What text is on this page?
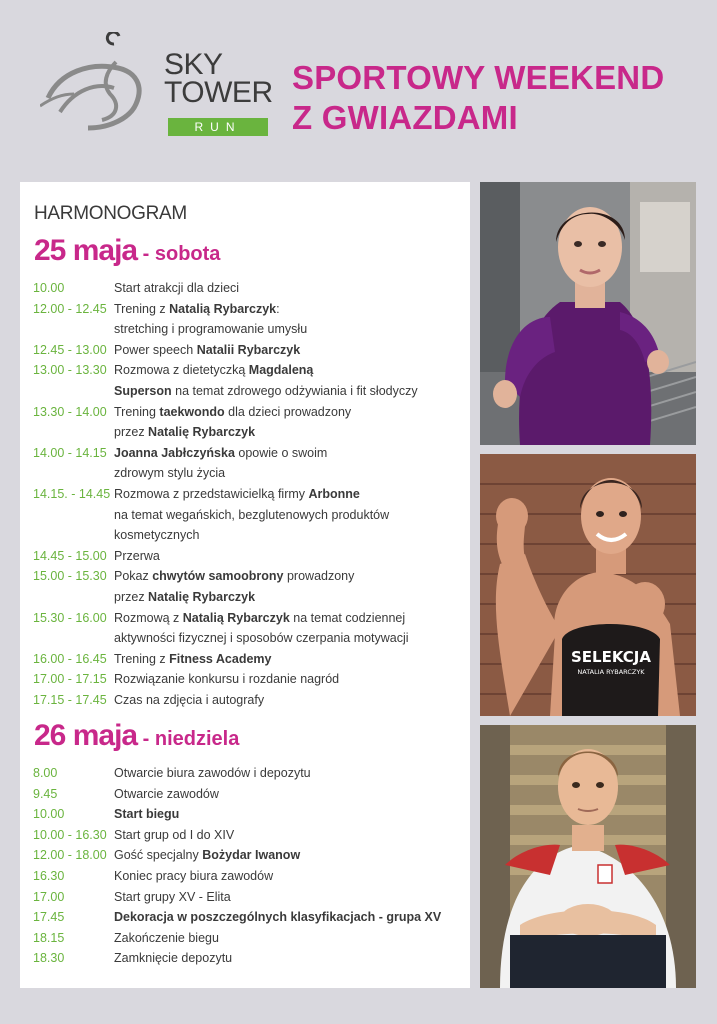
SKY
TOWER
RUN
SPORTOWY WEEKEND
Z GWIAZDAMI
HARMONOGRAM
25 maja - sobota
10.00	Start atrakcji dla dzieci
12.00 - 12.45 Trening z Natalią Rybarczyk:
stretching i programowanie umysłu
12.45 - 13.00 Power speech Natalii Rybarczyk
13.00 - 13.30 Rozmowa z dietetyczką Magdaleną
Superson na temat zdrowego odżywiania i fit słodyczy
13.30 - 14.00 Trening taekwondo dla dzieci prowadzony
przez Natalię Rybarczyk
14.00 - 14.15 Joanna Jabłczyńska opowie o swoim
zdrowym stylu życia
14.15. - 14.45 Rozmowa z przedstawicielką firmy Arbonne
na temat wegańskich, bezglutenowych produktów
kosmetycznych
14.45 - 15.00 Przerwa
15.00 - 15.30 Pokaz chwytów samoobrony prowadzony
przez Natalię Rybarczyk
15.30 - 16.00 Rozmową z Natalią Rybarczyk na temat codziennej
aktywności fizycznej i sposobów czerpania motywacji
16.00 - 16.45 Trening z Fitness Academy
17.00 - 17.15 Rozwiązanie konkursu i rozdanie nagród
17.15 - 17.45 Czas na zdjęcia i autografy
26 maja - niedziela
8.00	Otwarcie biura zawodów i depozytu
9.45	Otwarcie zawodów
10.00	Start biegu
10.00 - 16.30 Start grup od I do XIV
12.00 - 18.00 Gość specjalny Bożydar Iwanow
16.30	Koniec pracy biura zawodów
17.00	Start grupy XV - Elita
17.45	Dekoracja w poszczególnych klasyfikacjach - grupa XV
18.15	Zakończenie biegu
18.30	Zamknięcie depozytu
SELEKCJA
NATALIA RYBARCZYK
